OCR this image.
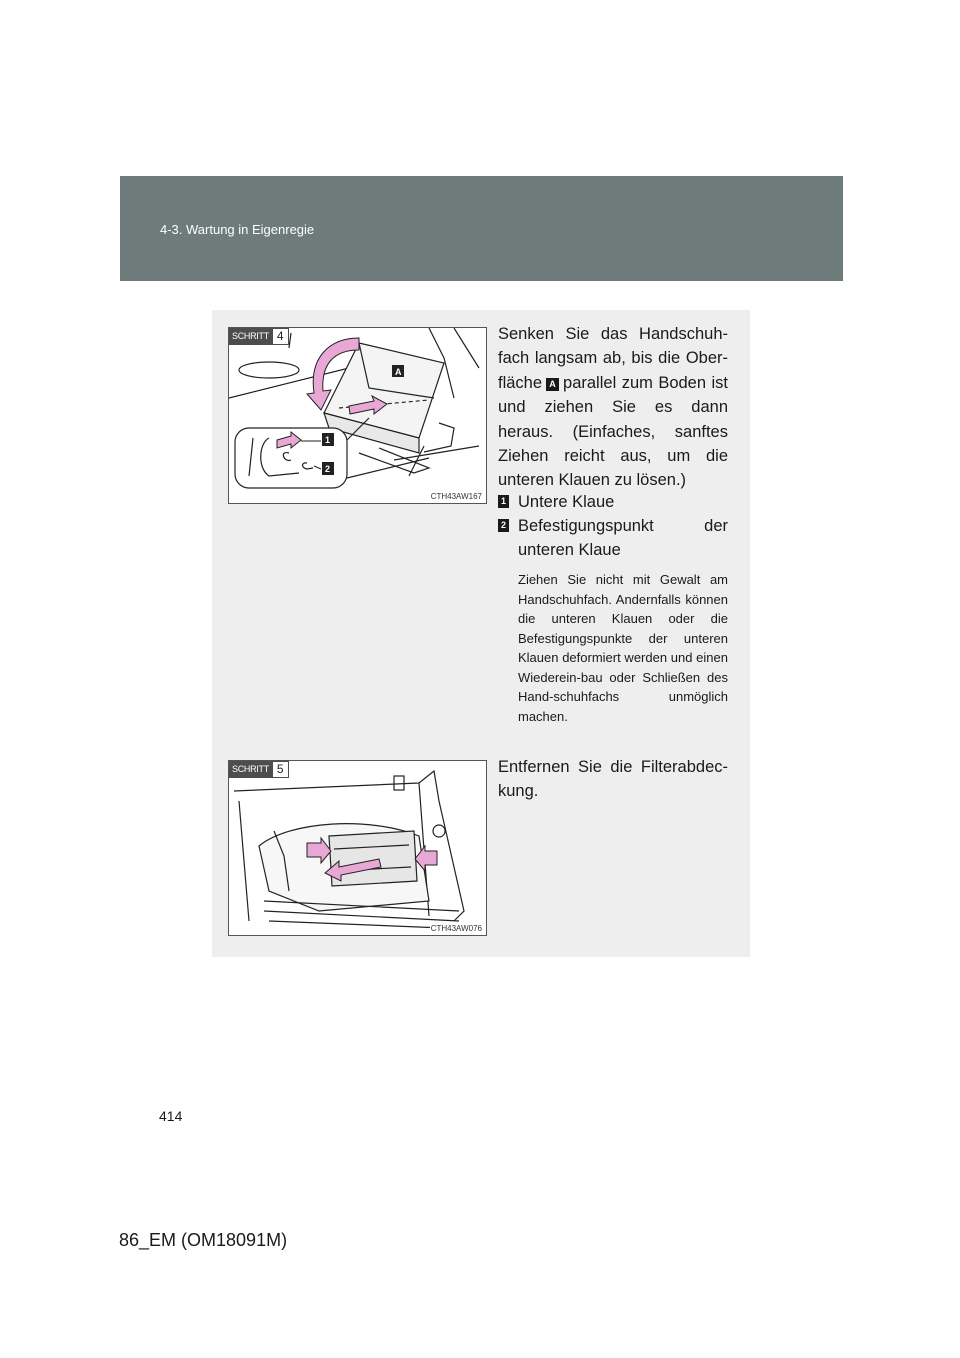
4-3. Wartung in Eigenregie
A
1
2
SCHRITT 4
CTH43AW167

Senken Sie das Handschuh-fach langsam ab, bis die Ober-fläche A parallel zum Boden ist und ziehen Sie es dann heraus. (Einfaches, sanftes Ziehen reicht aus, um die unteren Klauen zu lösen.)

1 Untere Klaue
2 Befestigungspunkt der unteren Klaue

Ziehen Sie nicht mit Gewalt am Handschuhfach. Andernfalls können die unteren Klauen oder die Befestigungspunkte der unteren Klauen deformiert werden und einen Wiederein-bau oder Schließen des Hand-schuhfachs unmöglich machen.

SCHRITT 5
CTH43AW076

Entfernen Sie die Filterabdec-kung.

414
86_EM (OM18091M)
